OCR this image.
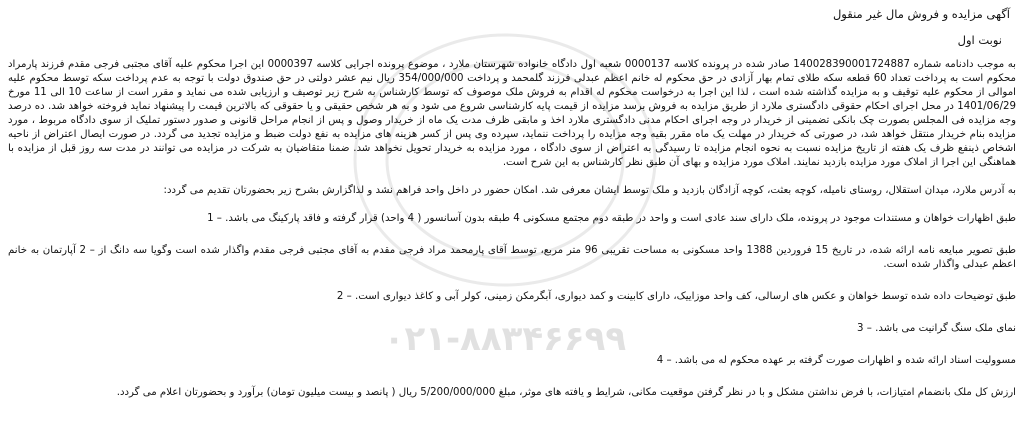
۰۲۱-۸۸۳۴۶۶۹۹
آگهی مزایده و فروش مال غیر منقول
نوبت اول

به موجب دادنامه شماره 140028390001724887 صادر شده در پرونده کلاسه 0000137 شعبه اول دادگاه خانواده شهرستان ملارد ، موضوع پرونده اجرایی کلاسه 0000397 این اجرا محکوم علیه آقای مجتبی فرجی مقدم فرزند پارمراد محکوم است به پرداخت تعداد 60 قطعه سکه طلای تمام بهار آزادی در حق محکوم له خانم اعظم عبدلی فرزند گلمحمد و پرداخت 354/000/000 ریال نیم عشر دولتی در حق صندوق دولت با توجه به عدم پرداخت سکه توسط محکوم علیه اموالی از محکوم علیه توقیف و به مزایده گذاشته شده است ، لذا این اجرا به درخواست محکوم له اقدام به فروش ملک موصوف که توسط کارشناس به شرح زیر توصیف و ارزیابی شده می نماید و مقرر است از ساعت 10 الی 11 مورخ 1401/06/29 در محل اجرای احکام حقوقی دادگستری ملارد از طریق مزایده به فروش برسد مزایده از قیمت پایه کارشناسی شروع می شود و به هر شخص حقیقی و یا حقوقی که بالاترین قیمت را پیشنهاد نماید فروخته خواهد شد. ده درصد وجه مزایده فی المجلس بصورت چک بانکی تضمینی از خریدار در وجه اجرای احکام مدنی دادگستری ملارد اخذ و مابقی ظرف مدت یک ماه از خریدار وصول و پس از انجام مراحل قانونی و صدور دستور تملیک از سوی دادگاه مربوط ، مورد مزایده بنام خریدار منتقل خواهد شد، در صورتی که خریدار در مهلت یک ماه مقرر بقیه وجه مزایده را پرداخت ننماید، سپرده وی پس از کسر هزینه های مزایده به نفع دولت ضبط و مزایده تجدید می گردد. در صورت ایصال اعتراض از ناحیه اشخاص ذینفع ظرف یک هفته از تاریخ مزایده نسبت به نحوه انجام مزایده تا رسیدگی به اعتراض از سوی دادگاه ، مورد مزایده به خریدار تحویل نخواهد شد. ضمنا متقاضیان به شرکت در مزایده می توانند در مدت سه روز قبل از مزایده با هماهنگی این اجرا از املاک مورد مزایده بازدید نمایند. املاک مورد مزایده و بهای آن طبق نظر کارشناس به این شرح است.

به آدرس ملارد، میدان استقلال، روستای نامیله، کوچه بعثت، کوچه آزادگان بازدید و ملک توسط ایشان معرفی شد. امکان حضور در داخل واحد فراهم نشد و لذاگزارش بشرح زیر بحضورتان تقدیم می گردد:

طبق اظهارات خواهان و مستندات موجود در پرونده، ملک دارای سند عادی است و واحد در طبقه دوم مجتمع مسکونی 4 طبقه بدون آسانسور ( 4 واحد) قرار گرفته و فاقد پارکینگ می باشد. – 1

طبق تصویر مبایعه نامه ارائه شده، در تاریخ 15 فروردین 1388 واحد مسکونی به مساحت تقریبی 96 متر مربع، توسط آقای پارمحمد مراد فرجی مقدم به آقای مجتبی فرجی مقدم واگذار شده است وگویا سه دانگ از – 2 آپارتمان به خانم اعظم عبدلی واگذار شده است.

طبق توضیحات داده شده توسط خواهان و عکس های ارسالی، کف واحد موزاییک، دارای کابینت و کمد دیواری، آبگرمکن زمینی، کولر آبی و کاغذ دیواری است. – 2

نمای ملک سنگ گرانیت می باشد. – 3

مسوولیت اسناد ارائه شده و اظهارات صورت گرفته بر عهده محکوم له می باشد. – 4

ارزش کل ملک بانضمام امتیازات، با فرض نداشتن مشکل و با در نظر گرفتن موقعیت مکانی، شرایط و یافته های موثر، مبلغ 5/200/000/000 ریال ( پانصد و بیست میلیون تومان) برآورد و بحضورتان اعلام می گردد.
